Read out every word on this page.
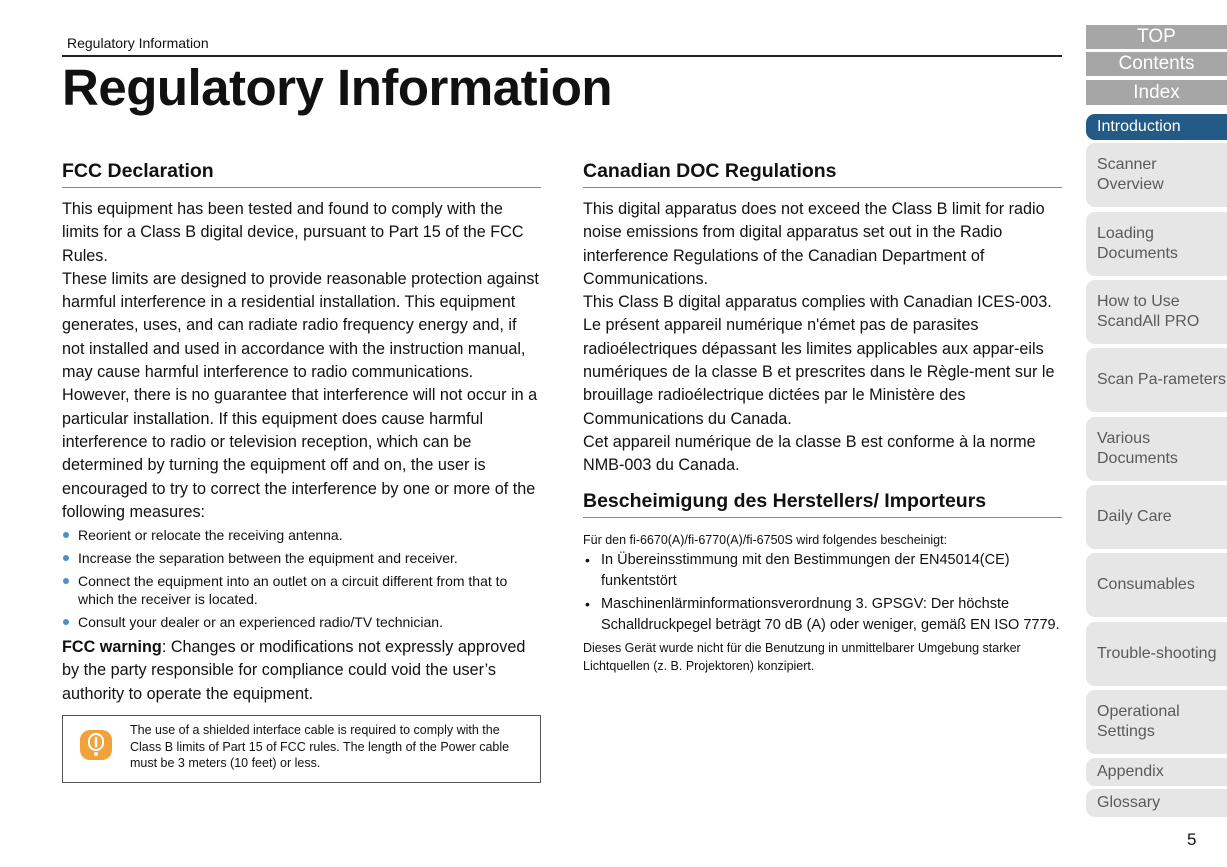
Regulatory Information
Regulatory Information
FCC Declaration

This equipment has been tested and found to comply with the limits for a Class B digital device, pursuant to Part 15 of the FCC Rules.

These limits are designed to provide reasonable protection against harmful interference in a residential installation. This equipment generates, uses, and can radiate radio frequency energy and, if not installed and used in accordance with the instruction manual, may cause harmful interference to radio communications.

However, there is no guarantee that interference will not occur in a particular installation. If this equipment does cause harmful interference to radio or television reception, which can be determined by turning the equipment off and on, the user is encouraged to try to correct the interference by one or more of the following measures:

Reorient or relocate the receiving antenna.
Increase the separation between the equipment and receiver.
Connect the equipment into an outlet on a circuit different from that to which the receiver is located.
Consult your dealer or an experienced radio/TV technician.

FCC warning: Changes or modifications not expressly approved by the party responsible for compliance could void the user’s authority to operate the equipment.

The use of a shielded interface cable is required to comply with the Class B limits of Part 15 of FCC rules. The length of the Power cable must be 3 meters (10 feet) or less.

Canadian DOC Regulations

This digital apparatus does not exceed the Class B limit for radio noise emissions from digital apparatus set out in the Radio interference Regulations of the Canadian Department of Communications.

This Class B digital apparatus complies with Canadian ICES-003.

Le présent appareil numérique n'émet pas de parasites radioélectriques dépassant les limites applicables aux appar-eils numériques de la classe B et prescrites dans le Règle-ment sur le brouillage radioélectrique dictées par le Ministère des Communications du Canada.

Cet appareil numérique de la classe B est conforme à la norme NMB-003 du Canada.

Bescheimigung des Herstellers/ Importeurs

Für den fi-6670(A)/fi-6770(A)/fi-6750S wird folgendes bescheinigt:

• In Übereinsstimmung mit den Bestimmungen der EN45014(CE) funkentstört
• Maschinenlärminformationsverordnung 3. GPSGV: Der höchste Schalldruckpegel beträgt 70 dB (A) oder weniger, gemäß EN ISO 7779.

Dieses Gerät wurde nicht für die Benutzung in unmittelbarer Umgebung starker Lichtquellen (z. B. Projektoren) konzipiert.

TOP
Contents
Index
Introduction
Scanner Overview
Loading Documents
How to Use ScandAll PRO
Scan Pa-rameters
Various Documents
Daily Care
Consumables
Trouble-shooting
Operational Settings
Appendix
Glossary
5
